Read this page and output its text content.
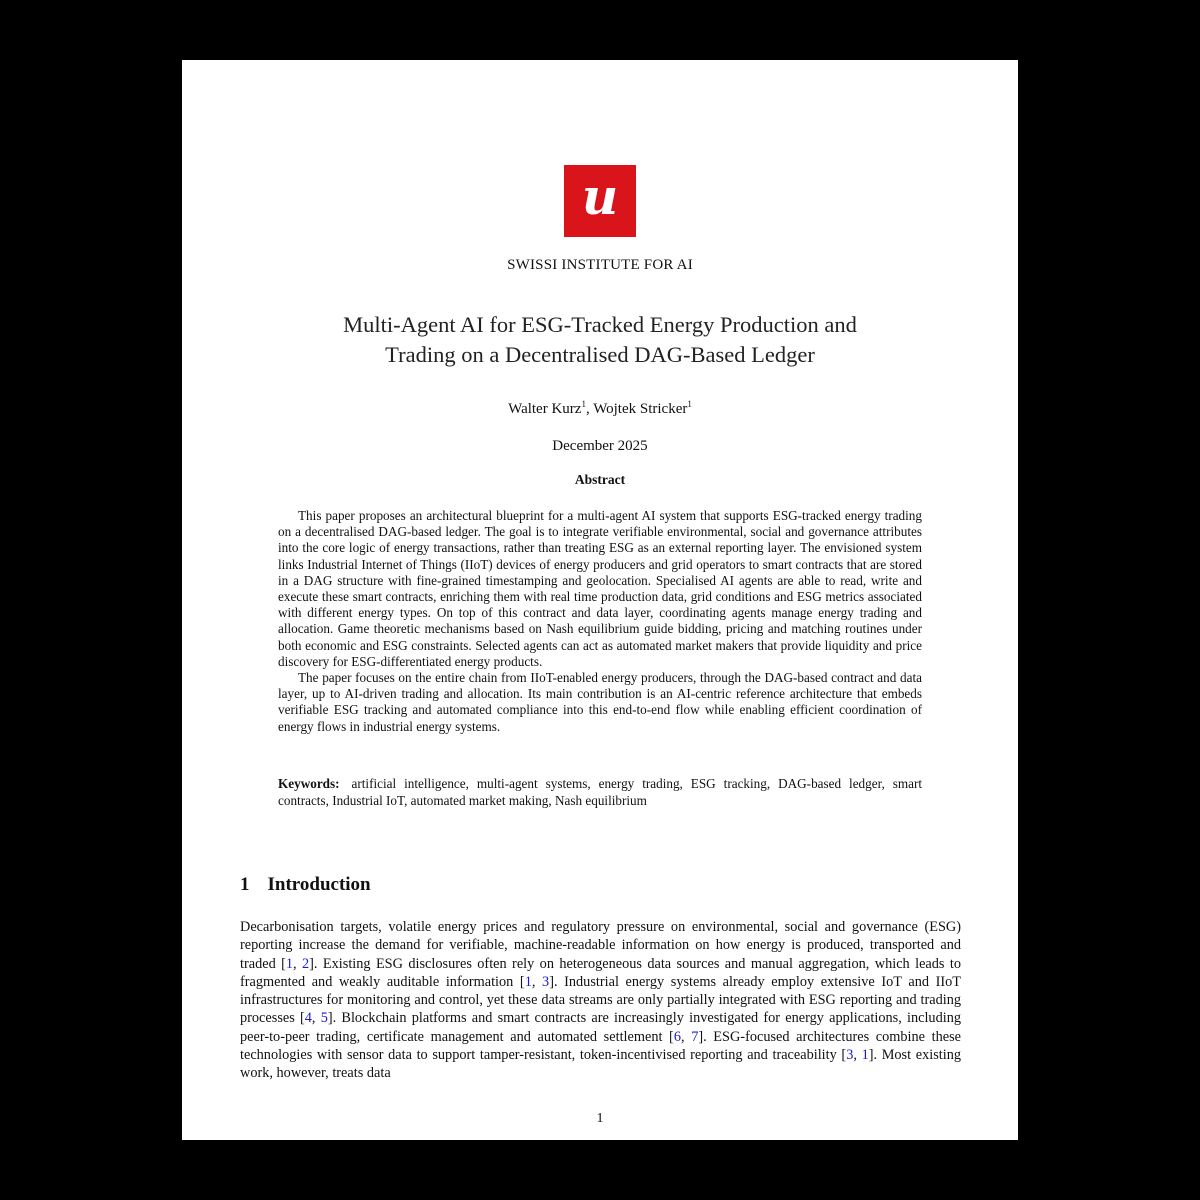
u
SWISSI INSTITUTE FOR AI
Multi-Agent AI for ESG-Tracked Energy Production and
Trading on a Decentralised DAG-Based Ledger
Walter Kurz$^1$, Wojtek Stricker$^1$
December 2025
Abstract

This paper proposes an architectural blueprint for a multi-agent AI system that supports ESG-tracked energy trading on a decentralised DAG-based ledger. The goal is to integrate verifiable environmental, social and governance attributes into the core logic of energy transactions, rather than treating ESG as an external reporting layer. The envisioned system links Industrial Internet of Things (IIoT) devices of energy producers and grid operators to smart contracts that are stored in a DAG structure with fine-grained timestamping and geolocation. Specialised AI agents are able to read, write and execute these smart contracts, enriching them with real time production data, grid conditions and ESG metrics associated with different energy types. On top of this contract and data layer, coordinating agents manage energy trading and allocation. Game theoretic mechanisms based on Nash equilibrium guide bidding, pricing and matching routines under both economic and ESG constraints. Selected agents can act as automated market makers that provide liquidity and price discovery for ESG-differentiated energy products.

The paper focuses on the entire chain from IIoT-enabled energy producers, through the DAG-based contract and data layer, up to AI-driven trading and allocation. Its main contribution is an AI-centric reference architecture that embeds verifiable ESG tracking and automated compliance into this end-to-end flow while enabling efficient coordination of energy flows in industrial energy systems.

Keywords: artificial intelligence, multi-agent systems, energy trading, ESG tracking, DAG-based ledger, smart contracts, Industrial IoT, automated market making, Nash equilibrium
1 Introduction

Decarbonisation targets, volatile energy prices and regulatory pressure on environmental, social and governance (ESG) reporting increase the demand for verifiable, machine-readable information on how energy is produced, transported and traded [1, 2]. Existing ESG disclosures often rely on heterogeneous data sources and manual aggregation, which leads to fragmented and weakly auditable information [1, 3]. Industrial energy systems already employ extensive IoT and IIoT infrastructures for monitoring and control, yet these data streams are only partially integrated with ESG reporting and trading processes [4, 5]. Blockchain platforms and smart contracts are increasingly investigated for energy applications, including peer-to-peer trading, certificate management and automated settlement [6, 7]. ESG-focused architectures combine these technologies with sensor data to support tamper-resistant, token-incentivised reporting and traceability [3, 1]. Most existing work, however, treats data

1
